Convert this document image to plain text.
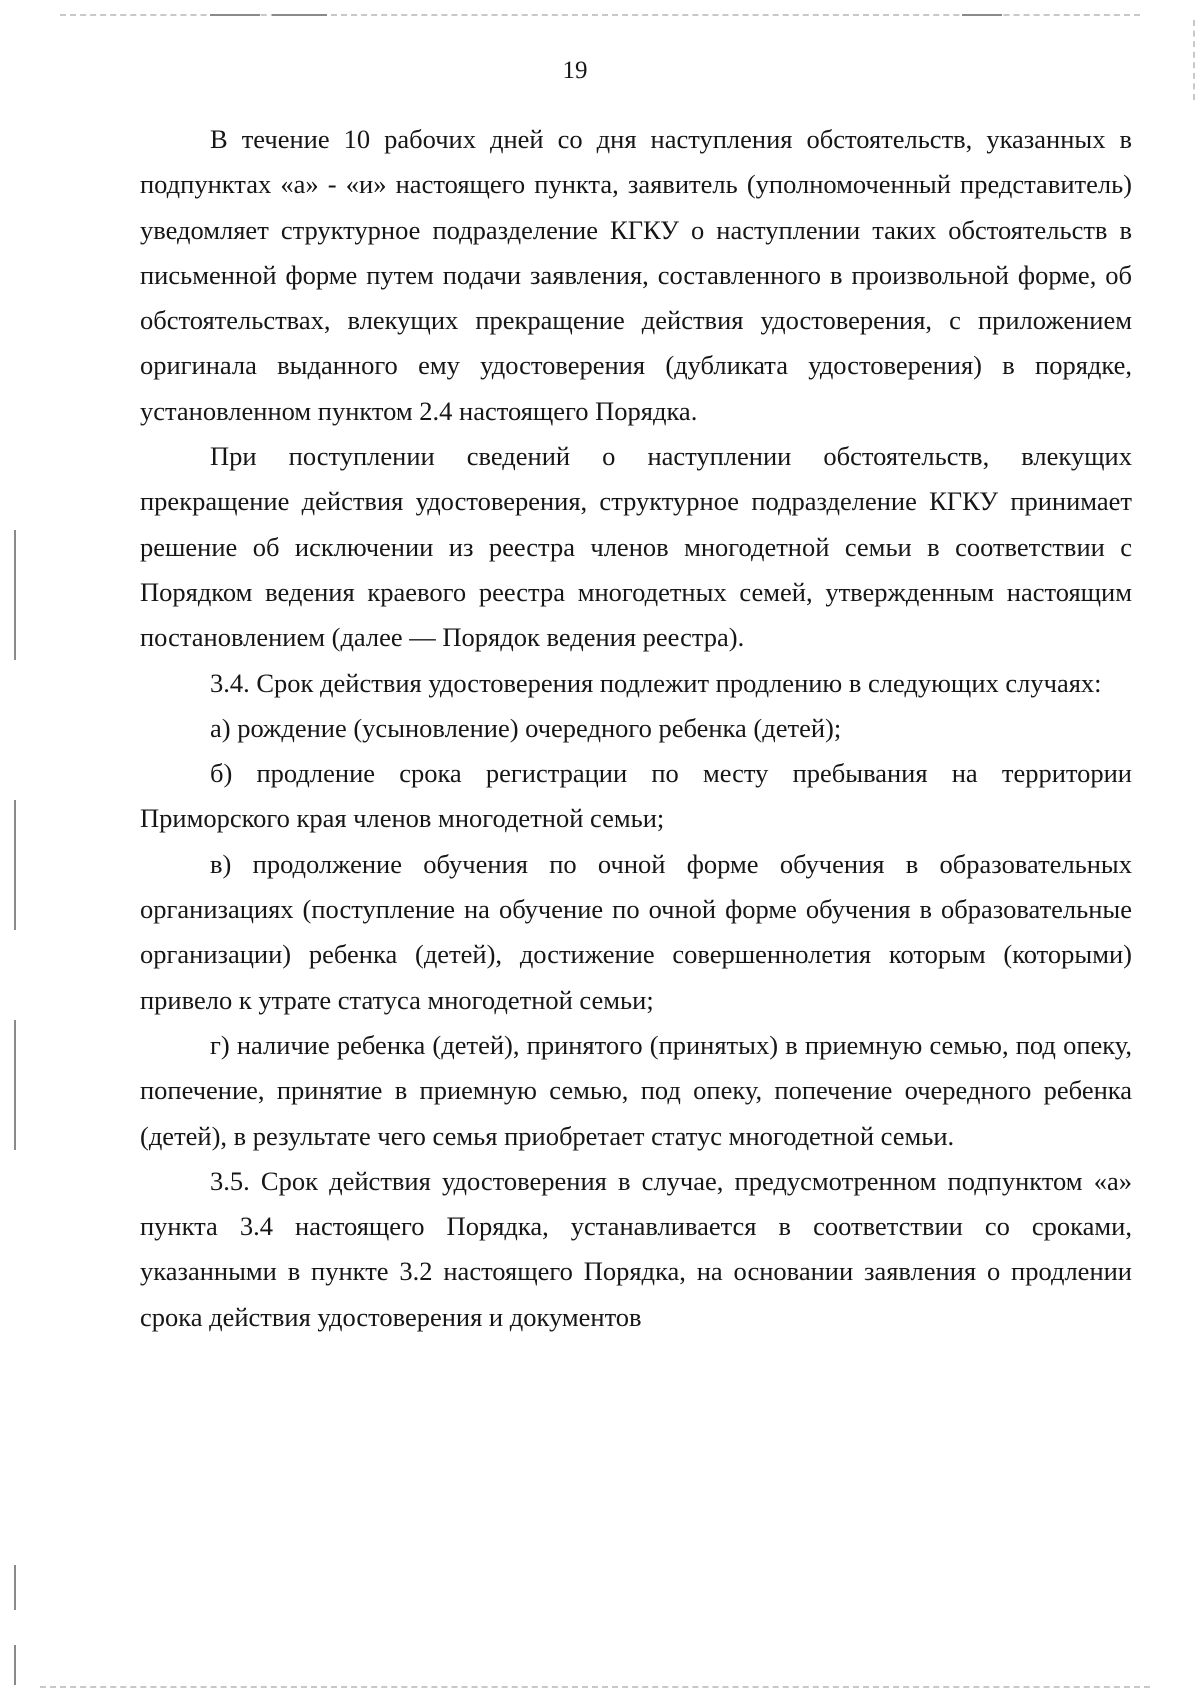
19

В течение 10 рабочих дней со дня наступления обстоятельств, указанных в подпунктах «а» - «и» настоящего пункта, заявитель (уполномоченный представитель) уведомляет структурное подразделение КГКУ о наступлении таких обстоятельств в письменной форме путем подачи заявления, составленного в произвольной форме, об обстоятельствах, влекущих прекращение действия удостоверения, с приложением оригинала выданного ему удостоверения (дубликата удостоверения) в порядке, установленном пунктом 2.4 настоящего Порядка.

При поступлении сведений о наступлении обстоятельств, влекущих прекращение действия удостоверения, структурное подразделение КГКУ принимает решение об исключении из реестра членов многодетной семьи в соответствии с Порядком ведения краевого реестра многодетных семей, утвержденным настоящим постановлением (далее — Порядок ведения реестра).

3.4. Срок действия удостоверения подлежит продлению в следующих случаях:

а) рождение (усыновление) очередного ребенка (детей);

б) продление срока регистрации по месту пребывания на территории Приморского края членов многодетной семьи;

в) продолжение обучения по очной форме обучения в образовательных организациях (поступление на обучение по очной форме обучения в образовательные организации) ребенка (детей), достижение совершеннолетия которым (которыми) привело к утрате статуса многодетной семьи;

г) наличие ребенка (детей), принятого (принятых) в приемную семью, под опеку, попечение, принятие в приемную семью, под опеку, попечение очередного ребенка (детей), в результате чего семья приобретает статус многодетной семьи.

3.5. Срок действия удостоверения в случае, предусмотренном подпунктом «а» пункта 3.4 настоящего Порядка, устанавливается в соответствии со сроками, указанными в пункте 3.2 настоящего Порядка, на основании заявления о продлении срока действия удостоверения и документов
